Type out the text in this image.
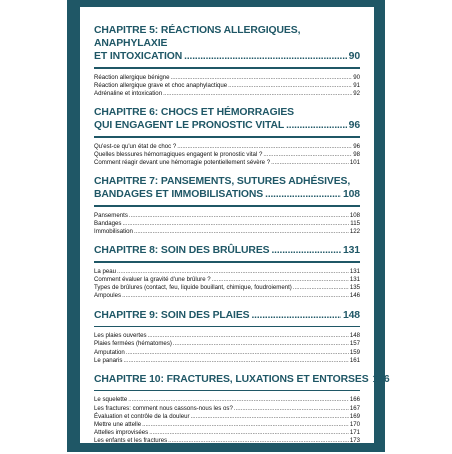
CHAPITRE 5: RÉACTIONS ALLERGIQUES, ANAPHYLAXIE
ET INTOXICATION .....	90
Réaction allergique bénigne .....	90
Réaction allergique grave et choc anaphylactique .....	91
Adrénaline et intoxication .....	92
CHAPITRE 6: CHOCS ET HÉMORRAGIES
QUI ENGAGENT LE PRONOSTIC VITAL .....	96
Qu'est-ce qu'un état de choc ? .....	96
Quelles blessures hémorragiques engagent le pronostic vital ? .....	98
Comment réagir devant une hémorragie potentiellement sévère ? .....	101
CHAPITRE 7: PANSEMENTS, SUTURES ADHÉSIVES,
BANDAGES ET IMMOBILISATIONS .....	108
Pansements .....	108
Bandages .....	115
Immobilisation .....	122
CHAPITRE 8: SOIN DES BRÛLURES .....	131
La peau .....	131
Comment évaluer la gravité d'une brûlure ? .....	131
Types de brûlures (contact, feu, liquide bouillant, chimique, foudroiement) .....	135
Ampoules .....	146
CHAPITRE 9: SOIN DES PLAIES .....	148
Les plaies ouvertes .....	148
Plaies fermées (hématomes) .....	157
Amputation .....	159
Le panaris .....	161
CHAPITRE 10: FRACTURES, LUXATIONS ET ENTORSES 166
Le squelette .....	166
Les fractures: comment nous cassons-nous les os? .....	167
Évaluation et contrôle de la douleur .....	169
Mettre une attelle .....	170
Attelles improvisées .....	171
Les enfants et les fractures .....	173
